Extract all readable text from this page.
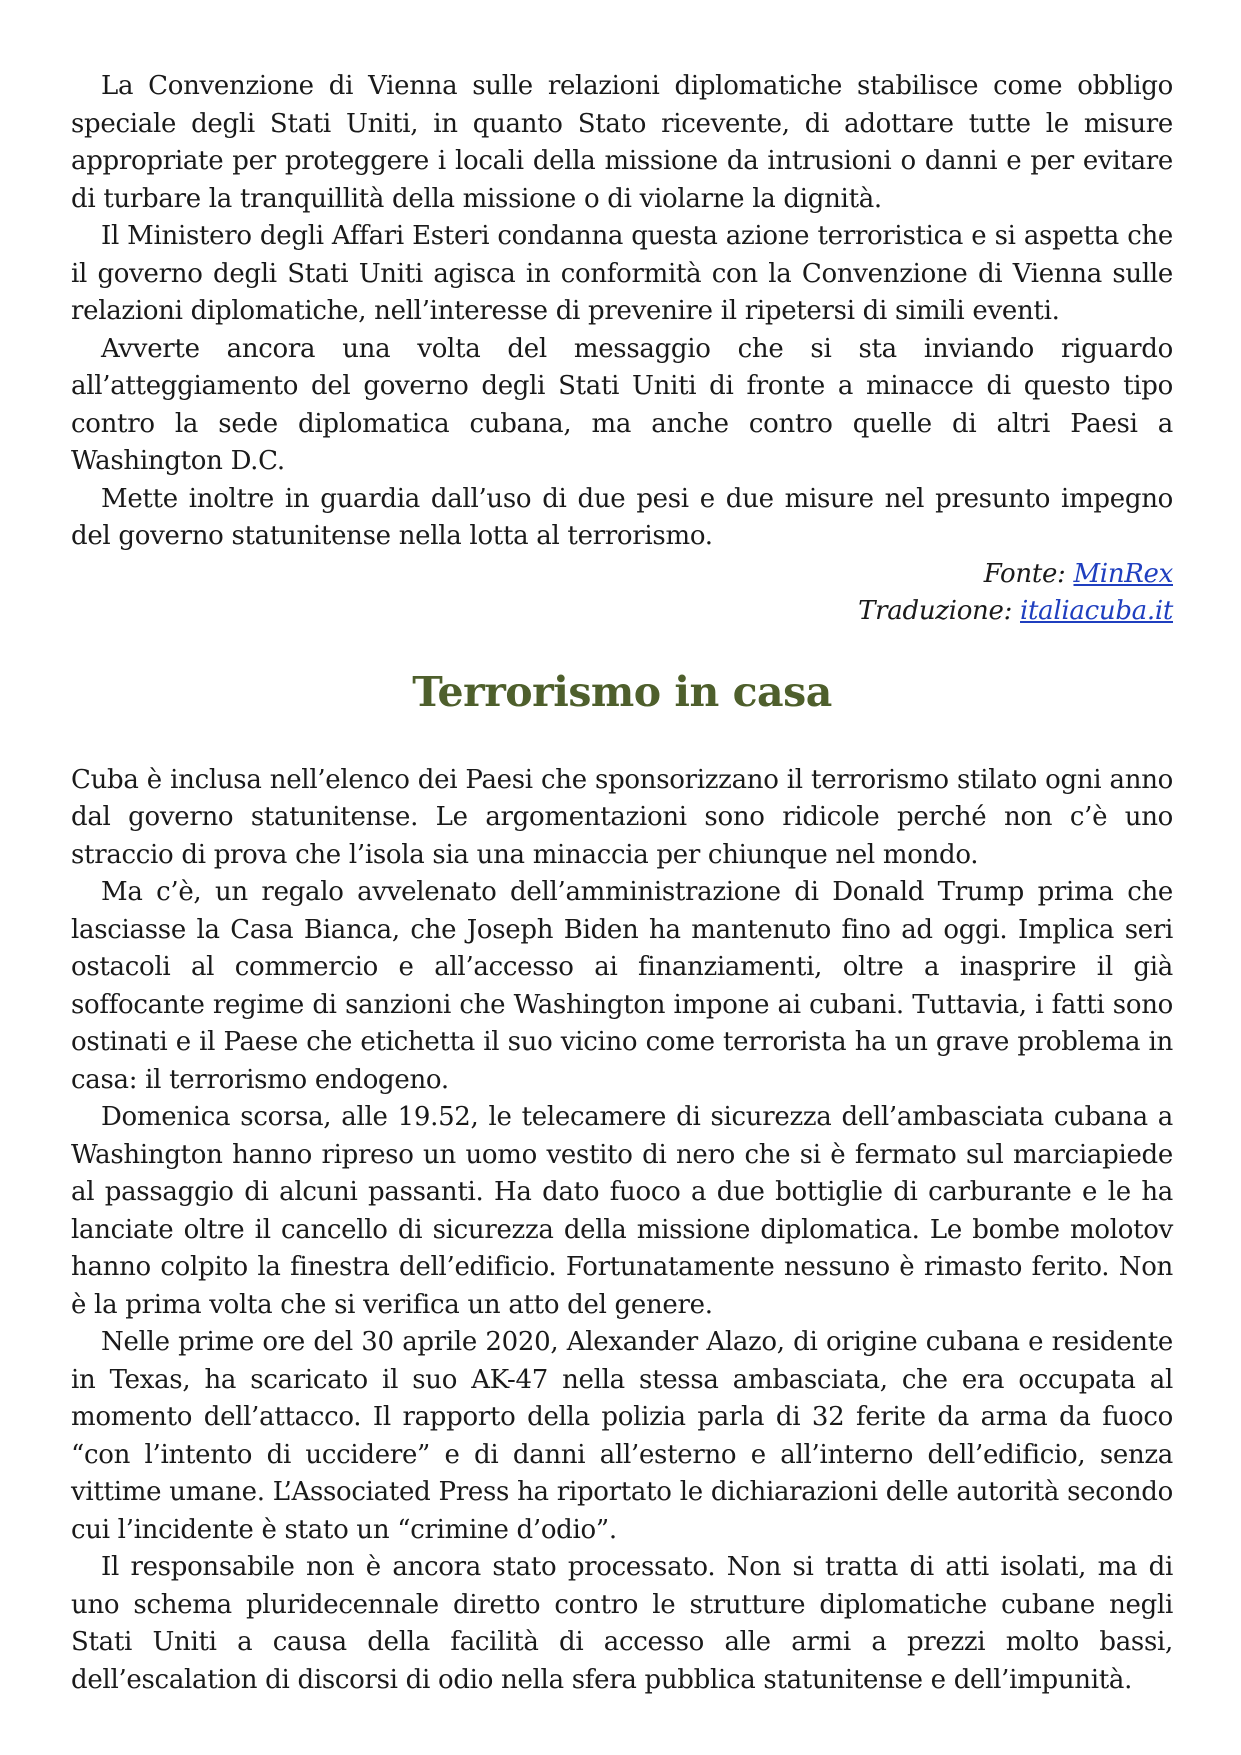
La Convenzione di Vienna sulle relazioni diplomatiche stabilisce come obbligo speciale degli Stati Uniti, in quanto Stato ricevente, di adottare tutte le misure appropriate per proteggere i locali della missione da intrusioni o danni e per evitare di turbare la tranquillità della missione o di violarne la dignità.

Il Ministero degli Affari Esteri condanna questa azione terroristica e si aspetta che il governo degli Stati Uniti agisca in conformità con la Convenzione di Vienna sulle relazioni diplomatiche, nell’interesse di prevenire il ripetersi di simili eventi.

Avverte ancora una volta del messaggio che si sta inviando riguardo all’atteggiamento del governo degli Stati Uniti di fronte a minacce di questo tipo contro la sede diplomatica cubana, ma anche contro quelle di altri Paesi a Washington D.C.

Mette inoltre in guardia dall’uso di due pesi e due misure nel presunto impegno del governo statunitense nella lotta al terrorismo.

Fonte: MinRex

Traduzione: italiacuba.it

Terrorismo in casa

Cuba è inclusa nell’elenco dei Paesi che sponsorizzano il terrorismo stilato ogni anno dal governo statunitense. Le argomentazioni sono ridicole perché non c’è uno straccio di prova che l’isola sia una minaccia per chiunque nel mondo.

Ma c’è, un regalo avvelenato dell’amministrazione di Donald Trump prima che lasciasse la Casa Bianca, che Joseph Biden ha mantenuto fino ad oggi. Implica seri ostacoli al commercio e all’accesso ai finanziamenti, oltre a inasprire il già soffocante regime di sanzioni che Washington impone ai cubani. Tuttavia, i fatti sono ostinati e il Paese che etichetta il suo vicino come terrorista ha un grave problema in casa: il terrorismo endogeno.

Domenica scorsa, alle 19.52, le telecamere di sicurezza dell’ambasciata cubana a Washington hanno ripreso un uomo vestito di nero che si è fermato sul marciapiede al passaggio di alcuni passanti. Ha dato fuoco a due bottiglie di carburante e le ha lanciate oltre il cancello di sicurezza della missione diplomatica. Le bombe molotov hanno colpito la finestra dell’edificio. Fortunatamente nessuno è rimasto ferito. Non è la prima volta che si verifica un atto del genere.

Nelle prime ore del 30 aprile 2020, Alexander Alazo, di origine cubana e residente in Texas, ha scaricato il suo AK-47 nella stessa ambasciata, che era occupata al momento dell’attacco. Il rapporto della polizia parla di 32 ferite da arma da fuoco “con l’intento di uccidere” e di danni all’esterno e all’interno dell’edificio, senza vittime umane. L’Associated Press ha riportato le dichiarazioni delle autorità secondo cui l’incidente è stato un “crimine d’odio”.

Il responsabile non è ancora stato processato. Non si tratta di atti isolati, ma di uno schema pluridecennale diretto contro le strutture diplomatiche cubane negli Stati Uniti a causa della facilità di accesso alle armi a prezzi molto bassi, dell’escalation di discorsi di odio nella sfera pubblica statunitense e dell’impunità.
